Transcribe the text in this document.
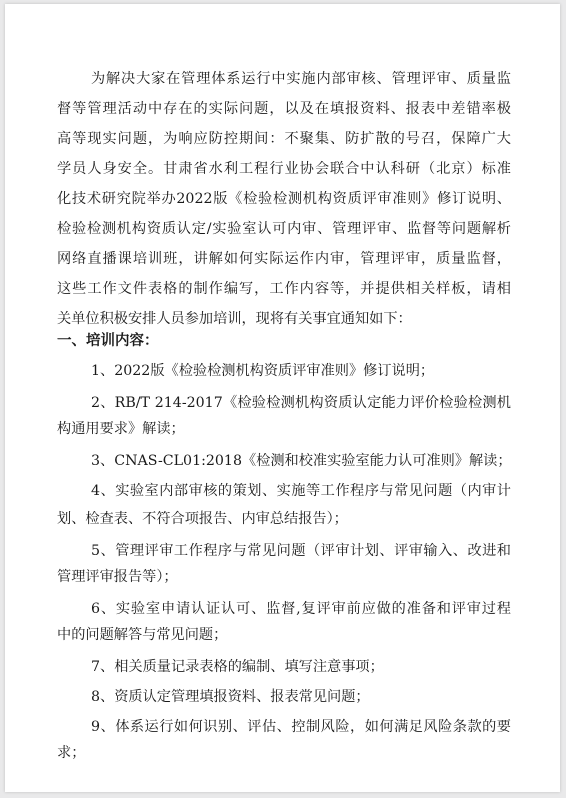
为解决大家在管理体系运行中实施内部审核、管理评审、质量监
督等管理活动中存在的实际问题，以及在填报资料、报表中差错率极
高等现实问题，为响应防控期间：不聚集、防扩散的号召，保障广大
学员人身安全。甘肃省水利工程行业协会联合中认科研（北京）标准
化技术研究院举办2022版《检验检测机构资质评审准则》修订说明、
检验检测机构资质认定/实验室认可内审、管理评审、监督等问题解析
网络直播课培训班，讲解如何实际运作内审，管理评审，质量监督，
这些工作文件表格的制作编写，工作内容等，并提供相关样板，请相
关单位积极安排人员参加培训，现将有关事宜通知如下：
一、培训内容：
1、2022版《检验检测机构资质评审准则》修订说明；
2、RB/T 214-2017《检验检测机构资质认定能力评价检验检测机
构通用要求》解读；
3、CNAS-CL01:2018《检测和校准实验室能力认可准则》解读；
4、实验室内部审核的策划、实施等工作程序与常见问题（内审计
划、检查表、不符合项报告、内审总结报告）；
5、管理评审工作程序与常见问题（评审计划、评审输入、改进和
管理评审报告等）；
6、实验室申请认证认可、监督,复评审前应做的准备和评审过程
中的问题解答与常见问题；
7、相关质量记录表格的编制、填写注意事项；
8、资质认定管理填报资料、报表常见问题；
9、体系运行如何识别、评估、控制风险，如何满足风险条款的要
求；
